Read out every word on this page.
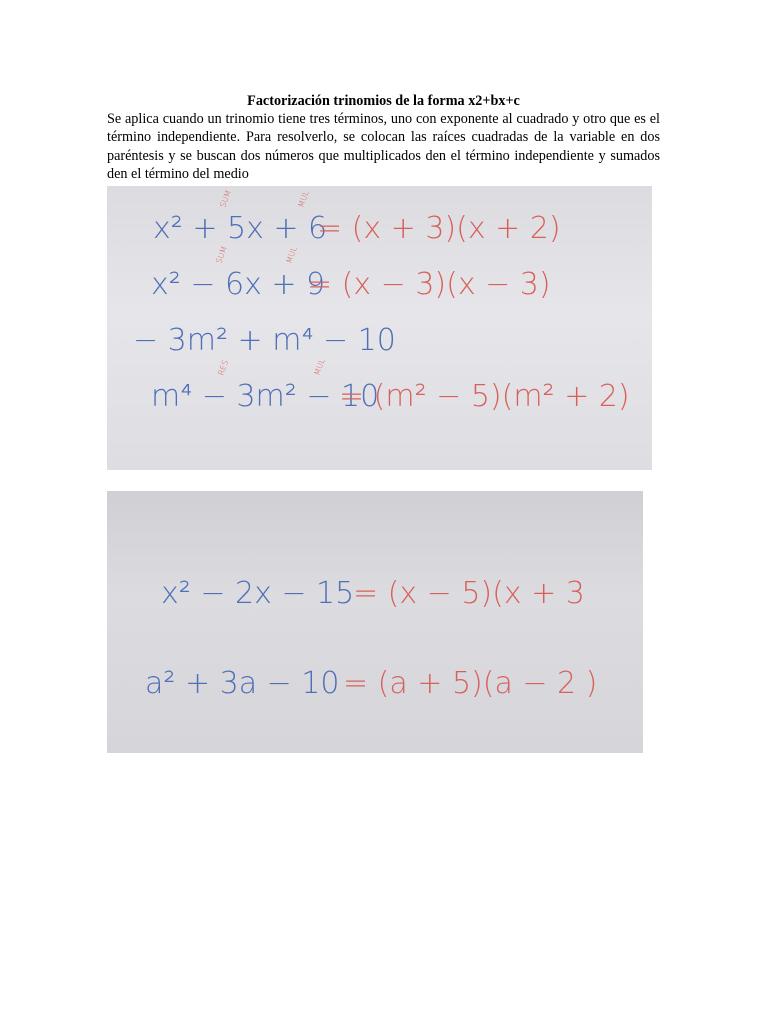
Factorización trinomios de la forma x2+bx+c
Se aplica cuando un trinomio tiene tres términos, uno con exponente al cuadrado y otro que es el término independiente. Para resolverlo, se colocan las raíces cuadradas de la variable en dos paréntesis y se buscan dos números que multiplicados den el término independiente y sumados den el término del medio
x² + 5x + 6
= (x + 3)(x + 2)
SUM	MUL
x² − 6x + 9
= (x − 3)(x − 3)
SUM	MUL
− 3m² + m⁴ − 10
m⁴ − 3m² − 10
= (m² − 5)(m² + 2)
RES	MUL
x² − 2x − 15
= (x − 5)(x + 3
a² + 3a − 10 = (a + 5)(a − 2 )
